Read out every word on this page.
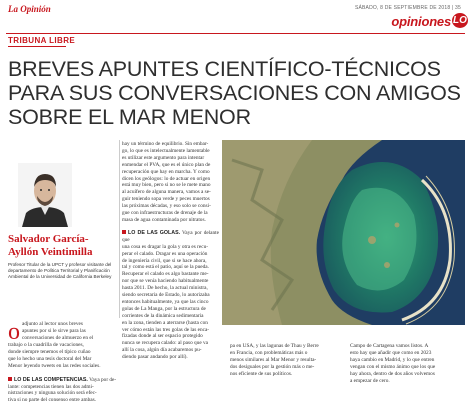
La Opinión	SÁBADO, 8 DE SEPTIEMBRE DE 2018 | 35
opiniones LO
TRIBUNA LIBRE
BREVES APUNTES CIENTÍFICO-TÉCNICOS
PARA SUS CONVERSACIONES CON AMIGOS
SOBRE EL MAR MENOR
Salvador García-
Ayllón Veintimilla
Profesor Titular de la UPCT y profesor visitante del departamento de Política Territorial y Planificación Ambiental de la Universidad de California Berkeley
o adjunto al lector unos breves
apuntes por si le sirve para las
conversaciones de almuerzo en el
trabajo o la cuadrilla de vacaciones,
donde siempre tenemos el típico cuñao
que lo hecho una tesis doctoral del Mar
Menor leyendo tweets en las redes sociales.
LO DE LAS COMPETENCIAS. Vaya por de-
lante: competencias tienen las dos admi-
nistraciones y ninguna solución será efec-
tiva si no parte del consenso entre ambas.
hay un término de equilibrio. Sin embar-
go, lo que es intelectualmente lamentable
es utilizar este argumento para intentar
enmendar el PVA, que es el único plan de
recuperación que hay en marcha. Y como
dicen los geólogos: lo de actuar en origen
está muy bien, pero si no se le mete mano
al acuífero de alguna manera, vamos a se-
guir teniendo sopa verde y peces muertos
las próximas décadas, y eso solo se consi-
gue con infraestructuras de drenaje de la
masa de agua contaminada por nitratos.
LO DE LAS GOLAS. Vaya por delante que
una cosa es dragar la gola y otra es recu-
perar el calado. Dragar es una operación
de ingeniería civil, que si se hace ahora,
tal y como está el patio, aquí se la pueda.
Recuperar el calado es algo bastante me-
nor que se venía haciendo habitualmente
hasta 2011. De hecho, la actual ministra,
siendo secretaria de Estado, lo autorizaba
entonces habitualmente, ya que las cinco
golas de La Manga, por la estructura de
corrientes de la dinámica sedimentaria
en la zona, tienden a aterrarse (hasta con
ver cómo están las tres golas de las enca-
fizadas donde al ser espacio protegido
nunca se recupera calado: al paso que va
allí la cosa, algún día acabaremos pu-
diendo pasar andando por allí).
pa en USA, y las lagunas de Thau y Berre
en Francia, con problemáticas más o
menos similares al Mar Menor y resulta-
dos desiguales por la gestión más o me-
nos eficiente de sus políticos.
Campo de Cartagena vamos listos. A
esto hay que añadir que como en 2023
haya cambio en Madrid, y lo que entren
vengan con el mismo ánimo que los que
hay ahora, dentro de dos años volvemos
a empezar de cero.
